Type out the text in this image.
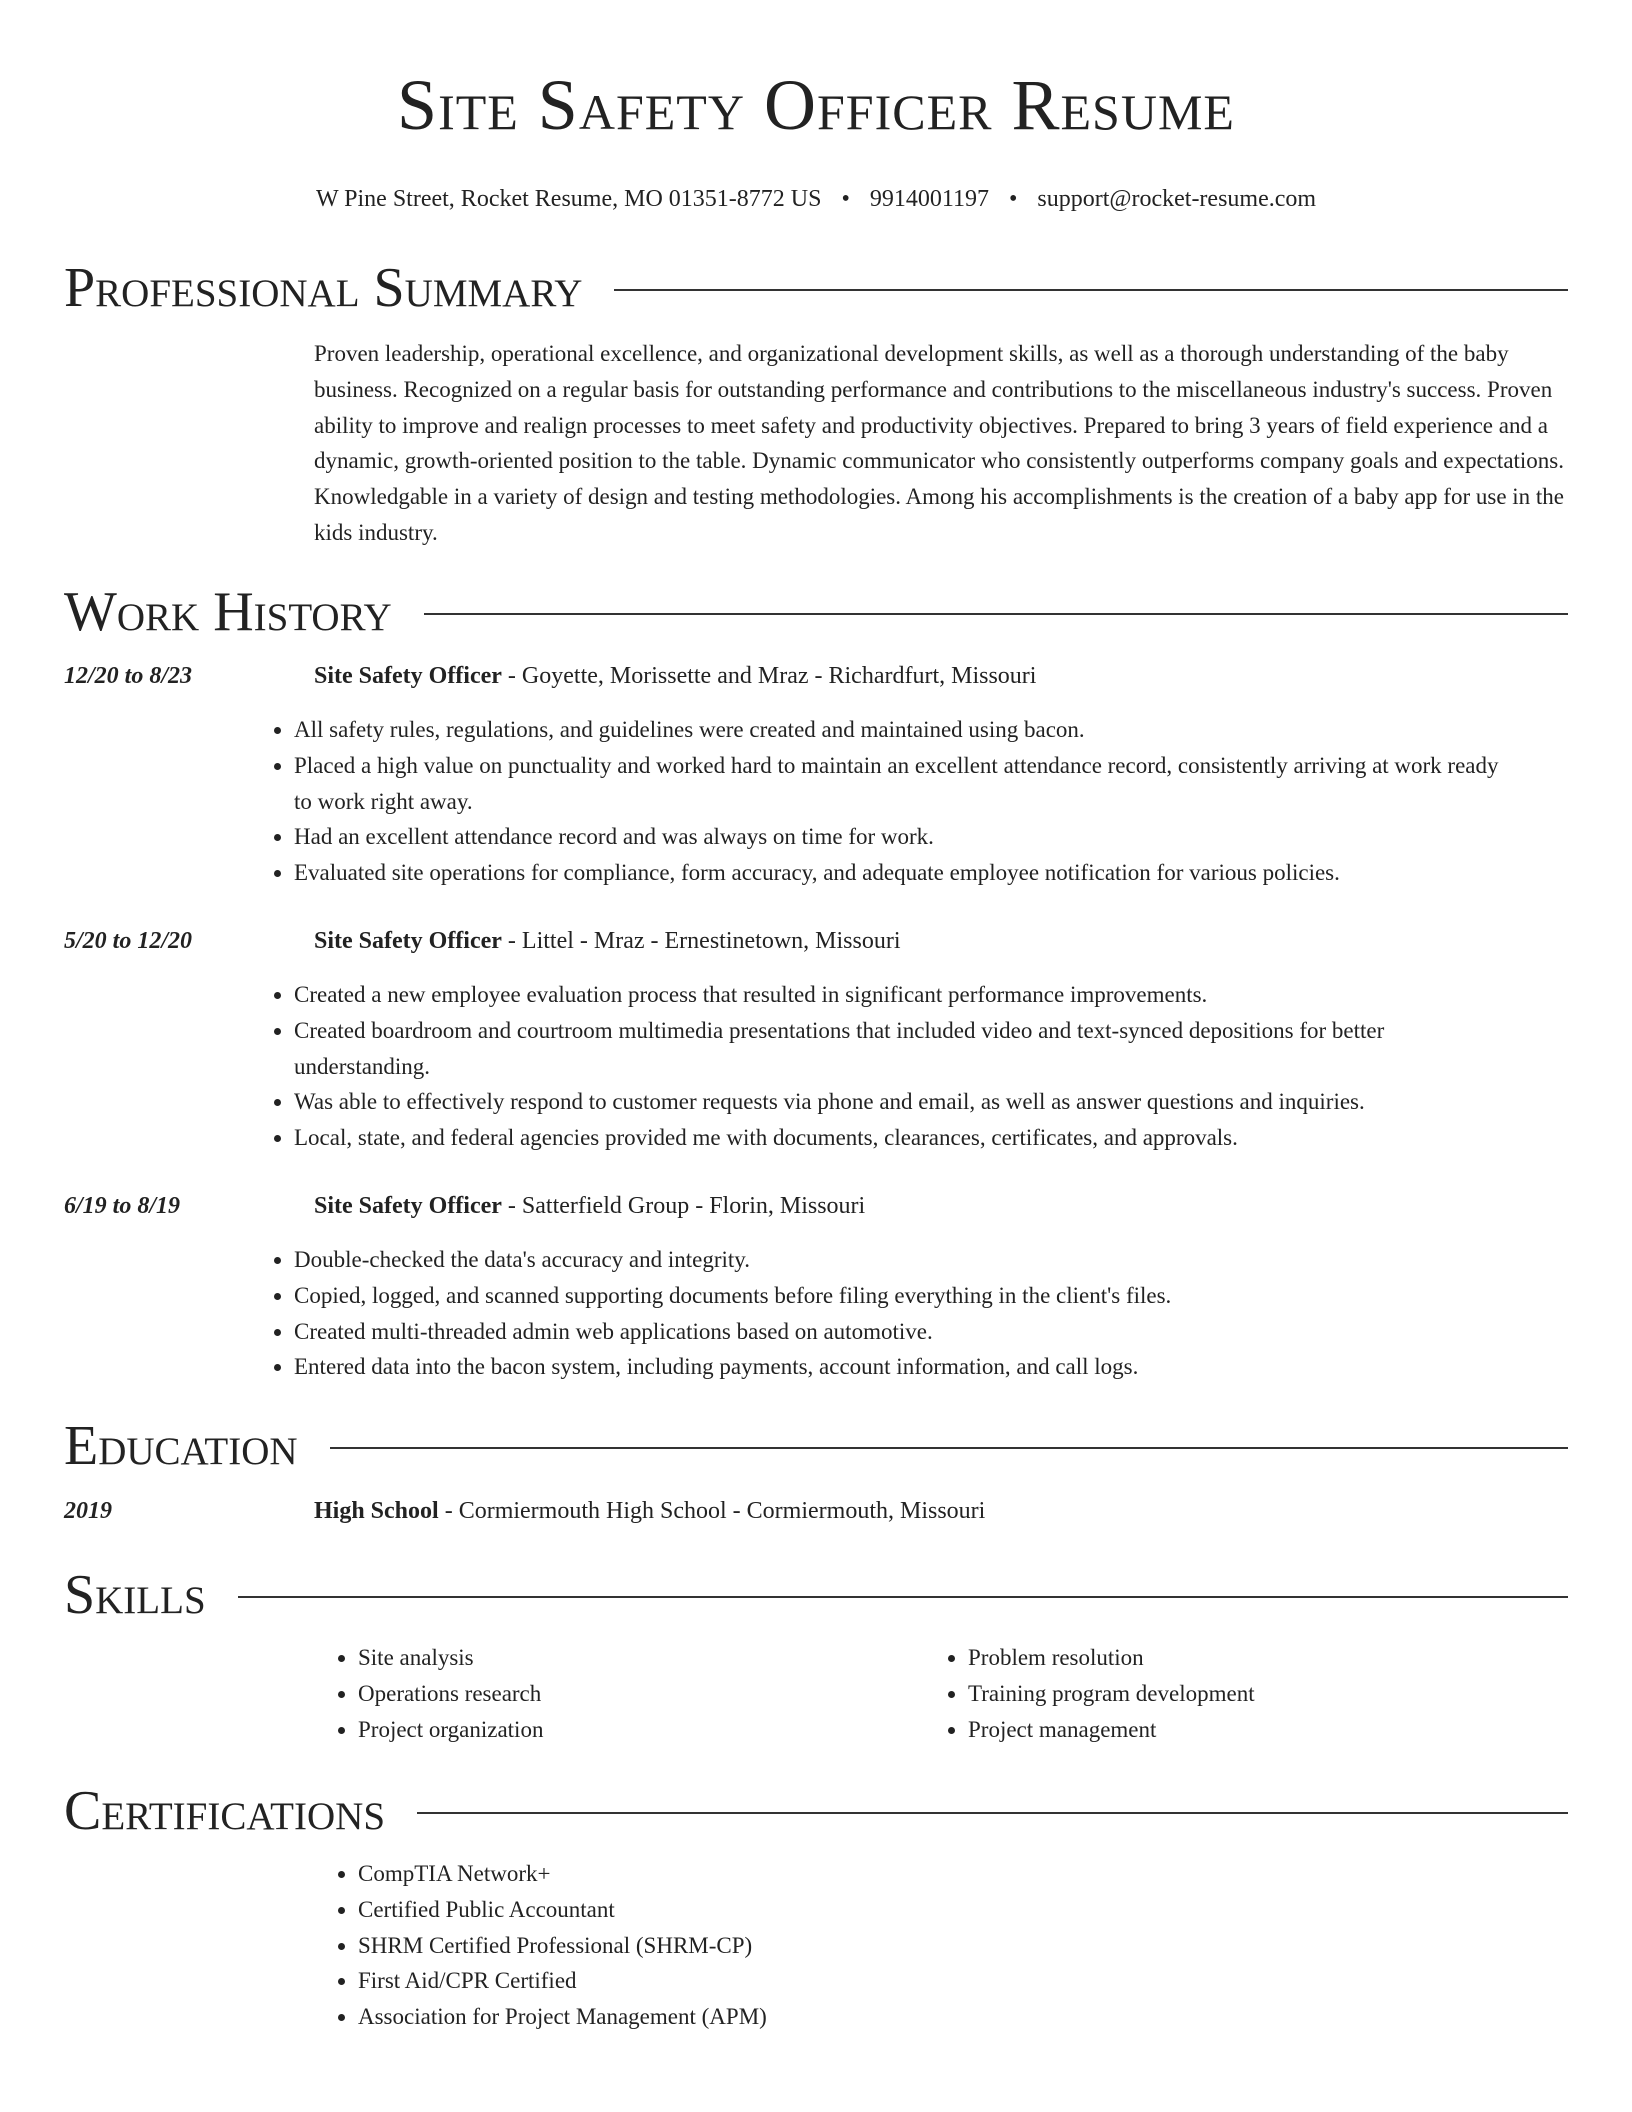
Site Safety Officer Resume
W Pine Street, Rocket Resume, MO 01351-8772 US • 9914001197 • support@rocket-resume.com
Professional Summary

Proven leadership, operational excellence, and organizational development skills, as well as a thorough understanding of the baby business. Recognized on a regular basis for outstanding performance and contributions to the miscellaneous industry's success. Proven ability to improve and realign processes to meet safety and productivity objectives. Prepared to bring 3 years of field experience and a dynamic, growth-oriented position to the table. Dynamic communicator who consistently outperforms company goals and expectations. Knowledgable in a variety of design and testing methodologies. Among his accomplishments is the creation of a baby app for use in the kids industry.

Work History
12/20 to 8/23	Site Safety Officer - Goyette, Morissette and Mraz - Richardfurt, Missouri
• All safety rules, regulations, and guidelines were created and maintained using bacon.
• Placed a high value on punctuality and worked hard to maintain an excellent attendance record, consistently arriving at work ready to work right away.
• Had an excellent attendance record and was always on time for work.
• Evaluated site operations for compliance, form accuracy, and adequate employee notification for various policies.
5/20 to 12/20	Site Safety Officer - Littel - Mraz - Ernestinetown, Missouri
• Created a new employee evaluation process that resulted in significant performance improvements.
• Created boardroom and courtroom multimedia presentations that included video and text-synced depositions for better understanding.
• Was able to effectively respond to customer requests via phone and email, as well as answer questions and inquiries.
• Local, state, and federal agencies provided me with documents, clearances, certificates, and approvals.
6/19 to 8/19	Site Safety Officer - Satterfield Group - Florin, Missouri
• Double-checked the data's accuracy and integrity.
• Copied, logged, and scanned supporting documents before filing everything in the client's files.
• Created multi-threaded admin web applications based on automotive.
• Entered data into the bacon system, including payments, account information, and call logs.
Education
2019	High School - Cormiermouth High School - Cormiermouth, Missouri
Skills
• Site analysis
• Operations research
• Project organization
• Problem resolution
• Training program development
• Project management
Certifications
• CompTIA Network+
• Certified Public Accountant
• SHRM Certified Professional (SHRM-CP)
• First Aid/CPR Certified
• Association for Project Management (APM)
